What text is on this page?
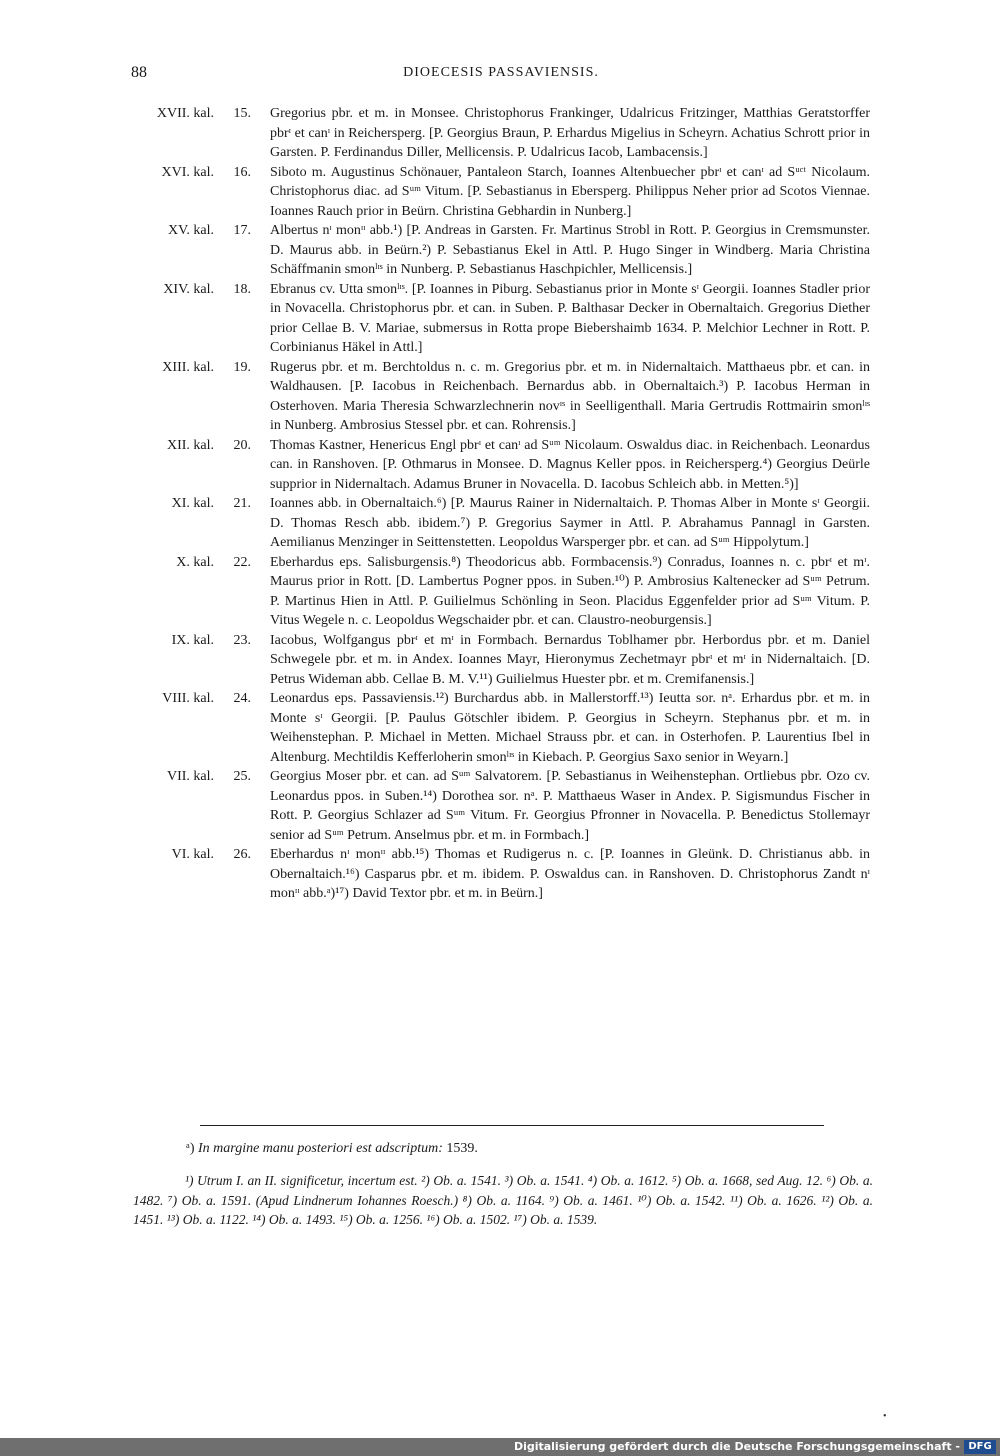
88	DIOECESIS PASSAVIENSIS.
XVII. kal.	15. Gregorius pbr. et m. in Monsee. Christophorus Frankinger, Udalricus Fritzinger, Matthias Geratstorffer pbrᶦ et canᶦ in Reichersperg. [P. Georgius Braun, P. Erhardus Migelius in Scheyrn. Achatius Schrott prior in Garsten. P. Ferdinandus Diller, Mellicensis. P. Udalricus Iacob, Lambacensis.]
XVI. kal.	16. Siboto m. Augustinus Schönauer, Pantaleon Starch, Ioannes Altenbuecher pbrᶦ et canᶦ ad Sᵘᶜᵗ Nicolaum. Christophorus diac. ad Sᵘᵐ Vitum. [P. Sebastianus in Ebersperg. Philippus Neher prior ad Scotos Viennae. Ioannes Rauch prior in Beürn. Christina Gebhardin in Nunberg.]
XV. kal.	17. Albertus nᶦ monᶦᶦ abb.¹) [P. Andreas in Garsten. Fr. Martinus Strobl in Rott. P. Georgius in Cremsmunster. D. Maurus abb. in Beürn.²) P. Sebastianus Ekel in Attl. P. Hugo Singer in Windberg. Maria Christina Schäffmanin smonˡᶦˢ in Nunberg. P. Sebastianus Haschpichler, Mellicensis.]
XIV. kal.	18. Ebranus cv. Utta smonˡᶦˢ. [P. Ioannes in Piburg. Sebastianus prior in Monte sᶦ Georgii. Ioannes Stadler prior in Novacella. Christophorus pbr. et can. in Suben. P. Balthasar Decker in Obernaltaich. Gregorius Diether prior Cellae B. V. Mariae, submersus in Rotta prope Biebershaimb 1634. P. Melchior Lechner in Rott. P. Corbinianus Häkel in Attl.]
XIII. kal.	19. Rugerus pbr. et m. Berchtoldus n. c. m. Gregorius pbr. et m. in Nidernaltaich. Matthaeus pbr. et can. in Waldhausen. [P. Iacobus in Reichenbach. Bernardus abb. in Obernaltaich.³) P. Iacobus Herman in Osterhoven. Maria Theresia Schwarzlechnerin novᶦˢ in Seelligenthall. Maria Gertrudis Rottmairin smonˡᶦˢ in Nunberg. Ambrosius Stessel pbr. et can. Rohrensis.]
XII. kal.	20. Thomas Kastner, Henericus Engl pbrᶦ et canᶦ ad Sᵘᵐ Nicolaum. Oswaldus diac. in Reichenbach. Leonardus can. in Ranshoven. [P. Othmarus in Monsee. D. Magnus Keller ppos. in Reichersperg.⁴) Georgius Deürle supprior in Nidernaltach. Adamus Bruner in Novacella. D. Iacobus Schleich abb. in Metten.⁵)]
XI. kal.	21. Ioannes abb. in Obernaltaich.⁶) [P. Maurus Rainer in Nidernaltaich. P. Thomas Alber in Monte sᶦ Georgii. D. Thomas Resch abb. ibidem.⁷) P. Gregorius Saymer in Attl. P. Abrahamus Pannagl in Garsten. Aemilianus Menzinger in Seittenstetten. Leopoldus Warsperger pbr. et can. ad Sᵘᵐ Hippolytum.]
X. kal.	22. Eberhardus eps. Salisburgensis.⁸) Theodoricus abb. Formbacensis.⁹) Conradus, Ioannes n. c. pbrᶦ et mᶦ. Maurus prior in Rott. [D. Lambertus Pogner ppos. in Suben.¹⁰) P. Ambrosius Kaltenecker ad Sᵘᵐ Petrum. P. Martinus Hien in Attl. P. Guilielmus Schönling in Seon. Placidus Eggenfelder prior ad Sᵘᵐ Vitum. P. Vitus Wegele n. c. Leopoldus Wegschaider pbr. et can. Claustro-neoburgensis.]
IX. kal.	23. Iacobus, Wolfgangus pbrᶦ et mᶦ in Formbach. Bernardus Toblhamer pbr. Herbordus pbr. et m. Daniel Schwegele pbr. et m. in Andex. Ioannes Mayr, Hieronymus Zechetmayr pbrᶦ et mᶦ in Nidernaltaich. [D. Petrus Wideman abb. Cellae B. M. V.¹¹) Guilielmus Huester pbr. et m. Cremifanensis.]
VIII. kal.	24. Leonardus eps. Passaviensis.¹²) Burchardus abb. in Mallerstorff.¹³) Ieutta sor. nᵃ. Erhardus pbr. et m. in Monte sᶦ Georgii. [P. Paulus Götschler ibidem. P. Georgius in Scheyrn. Stephanus pbr. et m. in Weihenstephan. P. Michael in Metten. Michael Strauss pbr. et can. in Osterhofen. P. Laurentius Ibel in Altenburg. Mechtildis Kefferloherin smonˡᶦˢ in Kiebach. P. Georgius Saxo senior in Weyarn.]
VII. kal.	25. Georgius Moser pbr. et can. ad Sᵘᵐ Salvatorem. [P. Sebastianus in Weihenstephan. Ortliebus pbr. Ozo cv. Leonardus ppos. in Suben.¹⁴) Dorothea sor. nᵃ. P. Matthaeus Waser in Andex. P. Sigismundus Fischer in Rott. P. Georgius Schlazer ad Sᵘᵐ Vitum. Fr. Georgius Pfronner in Novacella. P. Benedictus Stollemayr senior ad Sᵘᵐ Petrum. Anselmus pbr. et m. in Formbach.]
VI. kal.	26. Eberhardus nᶦ monᶦᶦ abb.¹⁵) Thomas et Rudigerus n. c. [P. Ioannes in Gleünk. D. Christianus abb. in Obernaltaich.¹⁶) Casparus pbr. et m. ibidem. P. Oswaldus can. in Ranshoven. D. Christophorus Zandt nᶦ monᶦᶦ abb.ᵃ)¹⁷) David Textor pbr. et m. in Beürn.]
ᵃ) In margine manu posteriori est adscriptum: 1539.
¹) Utrum I. an II. significetur, incertum est. ²) Ob. a. 1541. ³) Ob. a. 1541. ⁴) Ob. a. 1612. ⁵) Ob. a. 1668, sed Aug. 12. ⁶) Ob. a. 1482. ⁷) Ob. a. 1591. (Apud Lindnerum Iohannes Roesch.) ⁸) Ob. a. 1164. ⁹) Ob. a. 1461. ¹⁰) Ob. a. 1542. ¹¹) Ob. a. 1626. ¹²) Ob. a. 1451. ¹³) Ob. a. 1122. ¹⁴) Ob. a. 1493. ¹⁵) Ob. a. 1256. ¹⁶) Ob. a. 1502. ¹⁷) Ob. a. 1539.
•
Digitalisierung gefördert durch die Deutsche Forschungsgemeinschaft - DFG
